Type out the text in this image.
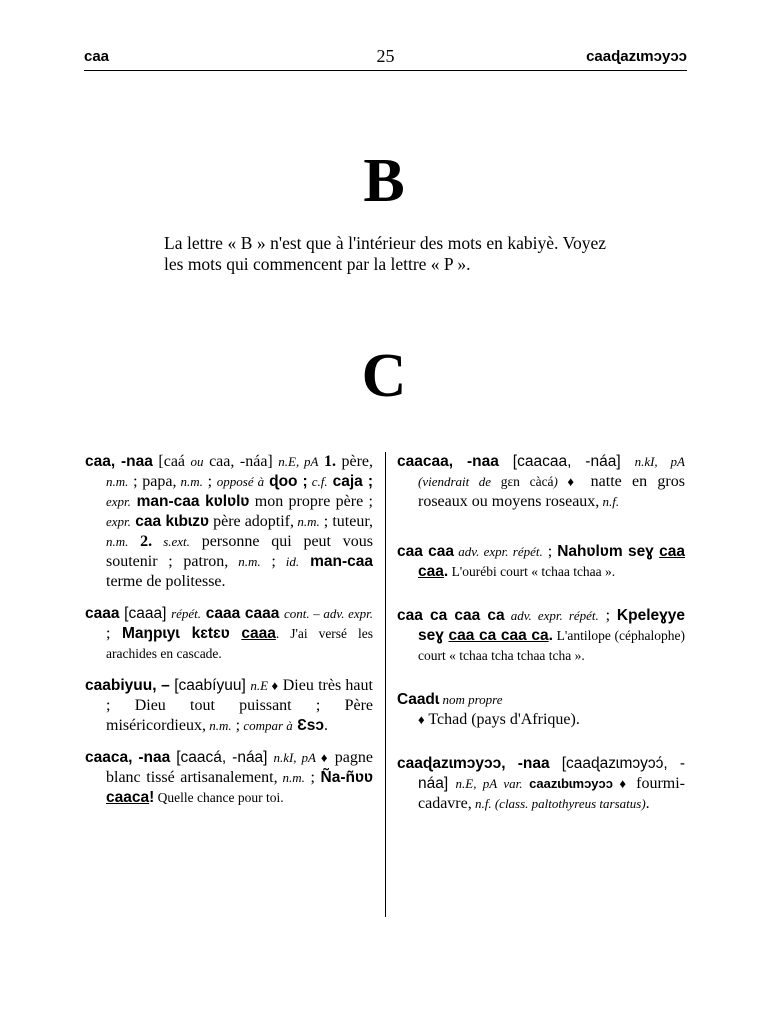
caa	25	caaɖazɩmɔyɔɔ
B
La lettre « B » n'est que à l'intérieur des mots en kabiyè. Voyez les mots qui commencent par la lettre « P ».
C
caa, -naa [caá ou caa, -náa] n.E, pA 1. père, n.m. ; papa, n.m. ; opposé à ɖoo ; c.f. caja ; expr. man-caa kʋlʋlʋ mon propre père ; expr. caa kɩbɩzʋ père adoptif, n.m. ; tuteur, n.m. 2. s.ext. personne qui peut vous soutenir ; patron, n.m. ; id. man-caa terme de politesse.
caaa [caaa] répét. caaa caaa cont. – adv. expr. ; Maŋpɩyɩ kɛtɛʋ caaa. J'ai versé les arachides en cascade.
caabiyuu, – [caabíyuu] n.E ♦ Dieu très haut ; Dieu tout puissant ; Père miséricordieux, n.m. ; compar à Ɛsɔ.
caaca, -naa [caacá, -náa] n.kI, pA ♦ pagne blanc tissé artisanalement, n.m. ; Ña-ñʋʋ caaca! Quelle chance pour toi.
caacaa, -naa [caacaa, -náa] n.kI, pA (viendrait de gɛn càcá) ♦ natte en gros roseaux ou moyens roseaux, n.f.
caa caa adv. expr. répét. ; Nahʋlʋm seɣ caa caa. L'ourébi court « tchaa tchaa ».
caa ca caa ca adv. expr. répét. ; Kpeleɣye seɣ caa ca caa ca. L'antilope (céphalophe) court « tchaa tcha tchaa tcha ».
Caadɩ nom propre
♦ Tchad (pays d'Afrique).
caaɖazɩmɔyɔɔ, -naa [caaɖazɩmɔyɔɔ́, -náa] n.E, pA var. caazɩbɩmɔyɔɔ ♦ fourmi-cadavre, n.f. (class. paltothyreus tarsatus).
